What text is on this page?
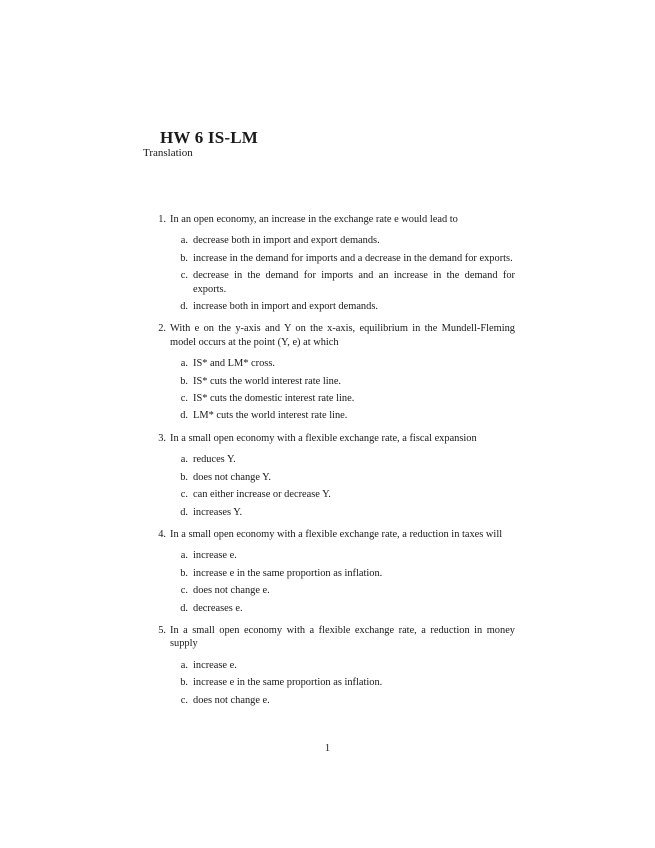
HW 6 IS-LM
Translation
1. In an open economy, an increase in the exchange rate e would lead to
a. decrease both in import and export demands.
b. increase in the demand for imports and a decrease in the demand for exports.
c. decrease in the demand for imports and an increase in the demand for exports.
d. increase both in import and export demands.
2. With e on the y-axis and Y on the x-axis, equilibrium in the Mundell-Fleming model occurs at the point (Y, e) at which
a. IS* and LM* cross.
b. IS* cuts the world interest rate line.
c. IS* cuts the domestic interest rate line.
d. LM* cuts the world interest rate line.
3. In a small open economy with a flexible exchange rate, a fiscal expansion
a. reduces Y.
b. does not change Y.
c. can either increase or decrease Y.
d. increases Y.
4. In a small open economy with a flexible exchange rate, a reduction in taxes will
a. increase e.
b. increase e in the same proportion as inflation.
c. does not change e.
d. decreases e.
5. In a small open economy with a flexible exchange rate, a reduction in money supply
a. increase e.
b. increase e in the same proportion as inflation.
c. does not change e.
1
